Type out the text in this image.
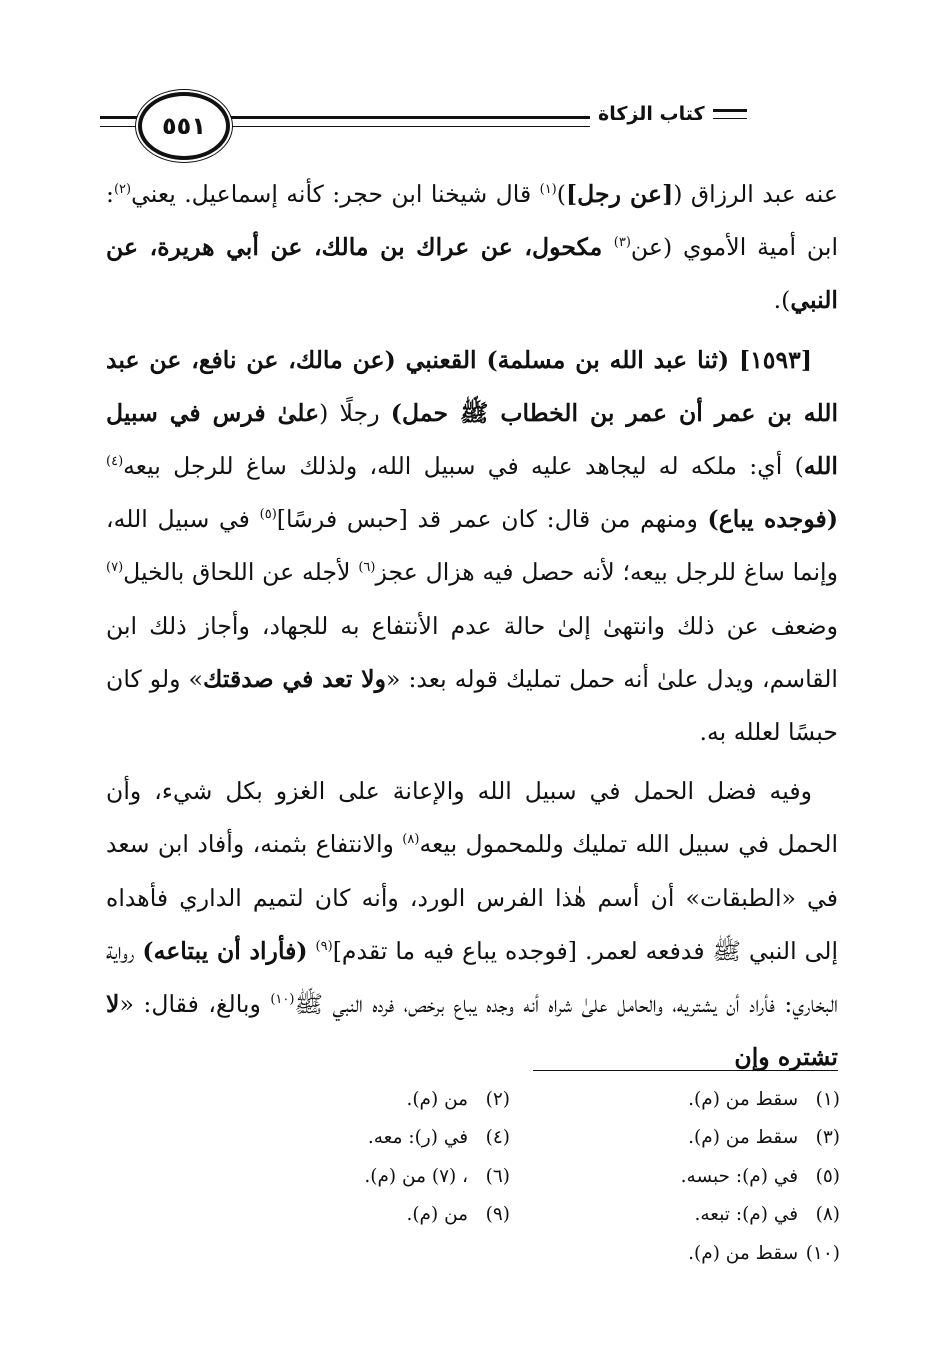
كتاب الزكاة
٥٥١

عنه عبد الرزاق ([عن رجل])$^{(١)}$ قال شيخنا ابن حجر: كأنه إسماعيل. يعني$^{(٢)}$: ابن أمية الأموي (عن$^{(٣)}$ مكحول، عن عراك بن مالك، عن أبي هريرة، عن النبي).

[١٥٩٣] (ثنا عبد الله بن مسلمة) القعنبي (عن مالك، عن نافع، عن عبد الله بن عمر أن عمر بن الخطاب ﷺ حمل) رجلًا (علىٰ فرس في سبيل الله) أي: ملكه له ليجاهد عليه في سبيل الله، ولذلك ساغ للرجل بيعه$^{(٤)}$ (فوجده يباع) ومنهم من قال: كان عمر قد [حبس فرسًا]$^{(٥)}$ في سبيل الله، وإنما ساغ للرجل بيعه؛ لأنه حصل فيه هزال عجز$^{(٦)}$ لأجله عن اللحاق بالخيل$^{(٧)}$ وضعف عن ذلك وانتهىٰ إلىٰ حالة عدم الأنتفاع به للجهاد، وأجاز ذلك ابن القاسم، ويدل علىٰ أنه حمل تمليك قوله بعد: «ولا تعد في صدقتك» ولو كان حبسًا لعلله به.

وفيه فضل الحمل في سبيل الله والإعانة على الغزو بكل شيء، وأن الحمل في سبيل الله تمليك وللمحمول بيعه$^{(٨)}$ والانتفاع بثمنه، وأفاد ابن سعد في «الطبقات» أن أسم هٰذا الفرس الورد، وأنه كان لتميم الداري فأهداه إلى النبي ﷺ فدفعه لعمر. [فوجده يباع فيه ما تقدم]$^{(٩)}$ (فأراد أن يبتاعه) رواية البخاري: فأراد أن يشتريه، والحامل علىٰ شراه أنه وجده يباع برخص، فرده النبي ﷺ$^{(١٠)}$ وبالغ، فقال: «لا تشتره وإن

(١) سقط من (م).
(٢) من (م).
(٣) سقط من (م).
(٤) في (ر): معه.
(٥) في (م): حبسه.
(٦) ، (٧) من (م).
(٨) في (م): تبعه.
(٩) من (م).
(١٠) سقط من (م).
